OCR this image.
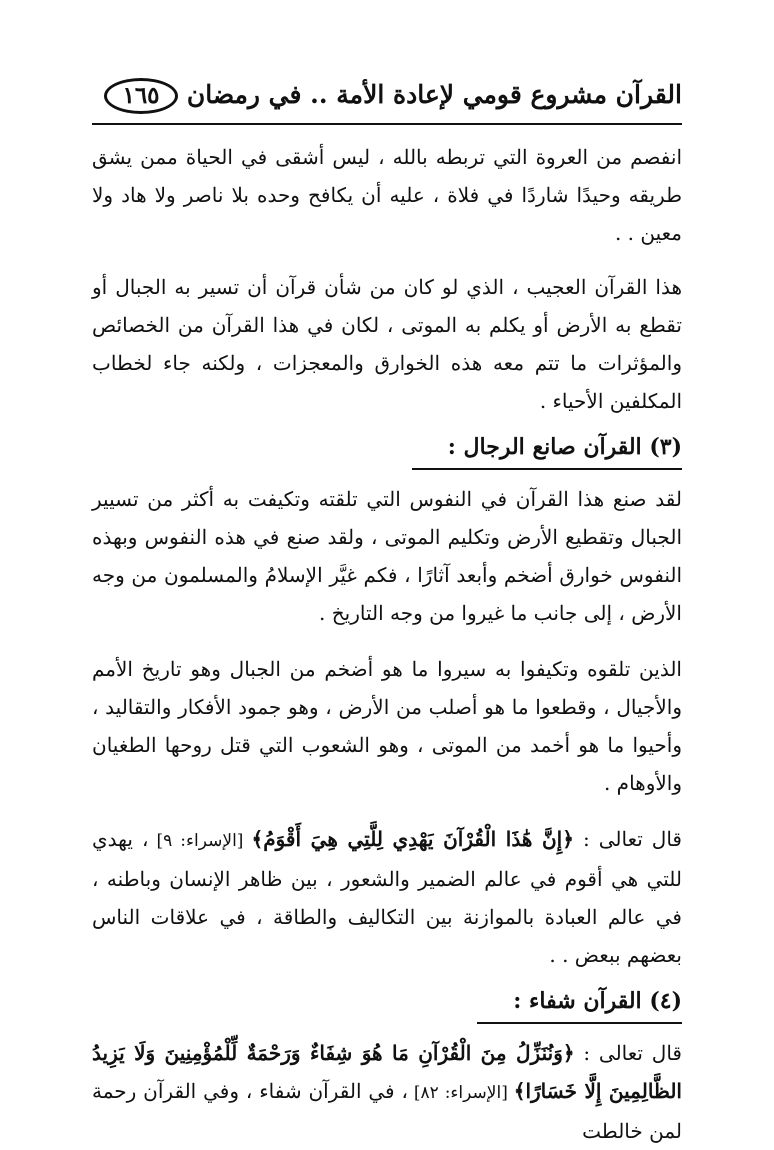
القرآن مشروع قومي لإعادة الأمة .. في رمضان
١٦٥

انفصم من العروة التي تربطه بالله ، ليس أشقى في الحياة ممن يشق طريقه وحيدًا شاردًا في فلاة ، عليه أن يكافح وحده بلا ناصر ولا هاد ولا معين . .

هذا القرآن العجيب ، الذي لو كان من شأن قرآن أن تسير به الجبال أو تقطع به الأرض أو يكلم به الموتى ، لكان في هذا القرآن من الخصائص والمؤثرات ما تتم معه هذه الخوارق والمعجزات ، ولكنه جاء لخطاب المكلفين الأحياء .

(٣) القرآن صانع الرجال :

لقد صنع هذا القرآن في النفوس التي تلقته وتكيفت به أكثر من تسيير الجبال وتقطيع الأرض وتكليم الموتى ، ولقد صنع في هذه النفوس وبهذه النفوس خوارق أضخم وأبعد آثارًا ، فكم غيَّر الإسلامُ والمسلمون من وجه الأرض ، إلى جانب ما غيروا من وجه التاريخ .

الذين تلقوه وتكيفوا به سيروا ما هو أضخم من الجبال وهو تاريخ الأمم والأجيال ، وقطعوا ما هو أصلب من الأرض ، وهو جمود الأفكار والتقاليد ، وأحيوا ما هو أخمد من الموتى ، وهو الشعوب التي قتل روحها الطغيان والأوهام .

قال تعالى : ﴿إِنَّ هَٰذَا الْقُرْآنَ يَهْدِي لِلَّتِي هِيَ أَقْوَمُ﴾ [الإسراء: ٩] ، يهدي للتي هي أقوم في عالم الضمير والشعور ، بين ظاهر الإنسان وباطنه ، في عالم العبادة بالموازنة بين التكاليف والطاقة ، في علاقات الناس بعضهم ببعض . .

(٤) القرآن شفاء :

قال تعالى : ﴿وَنُنَزِّلُ مِنَ الْقُرْآنِ مَا هُوَ شِفَاءٌ وَرَحْمَةٌ لِّلْمُؤْمِنِينَ وَلَا يَزِيدُ الظَّالِمِينَ إِلَّا خَسَارًا﴾ [الإسراء: ٨٢] ، في القرآن شفاء ، وفي القرآن رحمة لمن خالطت
